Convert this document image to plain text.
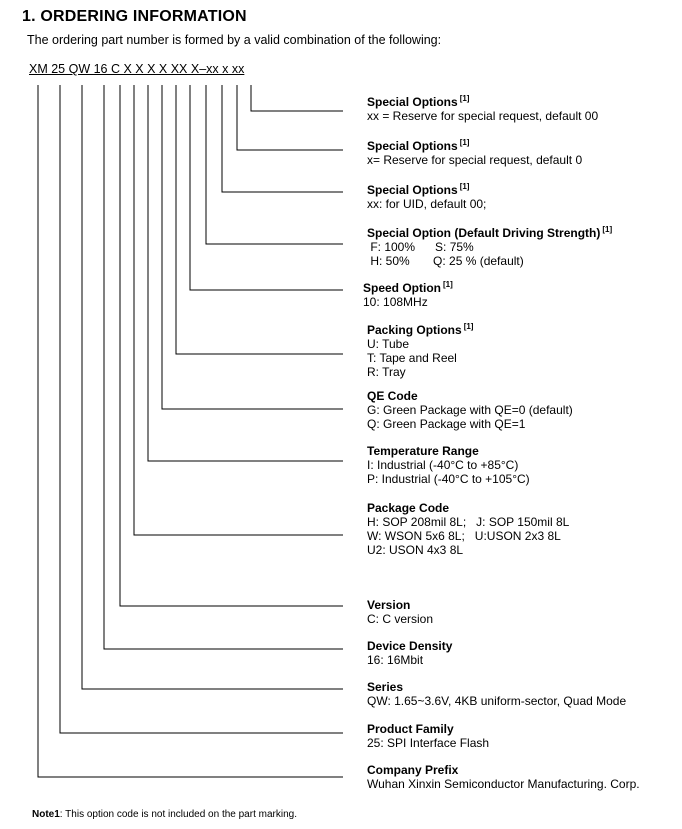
1. ORDERING INFORMATION
The ordering part number is formed by a valid combination of the following:
XM 25 QW 16 C X X X X XX X–xx x xx
Special Options [1]
xx = Reserve for special request, default 00
Special Options [1]
x= Reserve for special request, default 0
Special Options [1]
xx: for UID, default 00;
Special Option (Default Driving Strength) [1]
F: 100%      S: 75%
H: 50%       Q: 25 % (default)
Speed Option [1]
10: 108MHz
Packing Options [1]
U: Tube
T: Tape and Reel
R: Tray
QE Code
G: Green Package with QE=0 (default)
Q: Green Package with QE=1
Temperature Range
I: Industrial (-40°C to +85°C)
P: Industrial (-40°C to +105°C)
Package Code
H: SOP 208mil 8L;   J: SOP 150mil 8L
W: WSON 5x6 8L;   U:USON 2x3 8L
U2: USON 4x3 8L
Version
C: C version
Device Density
16: 16Mbit
Series
QW: 1.65~3.6V, 4KB uniform-sector, Quad Mode
Product Family
25: SPI Interface Flash
Company Prefix
Wuhan Xinxin Semiconductor Manufacturing. Corp.
Note1: This option code is not included on the part marking.
